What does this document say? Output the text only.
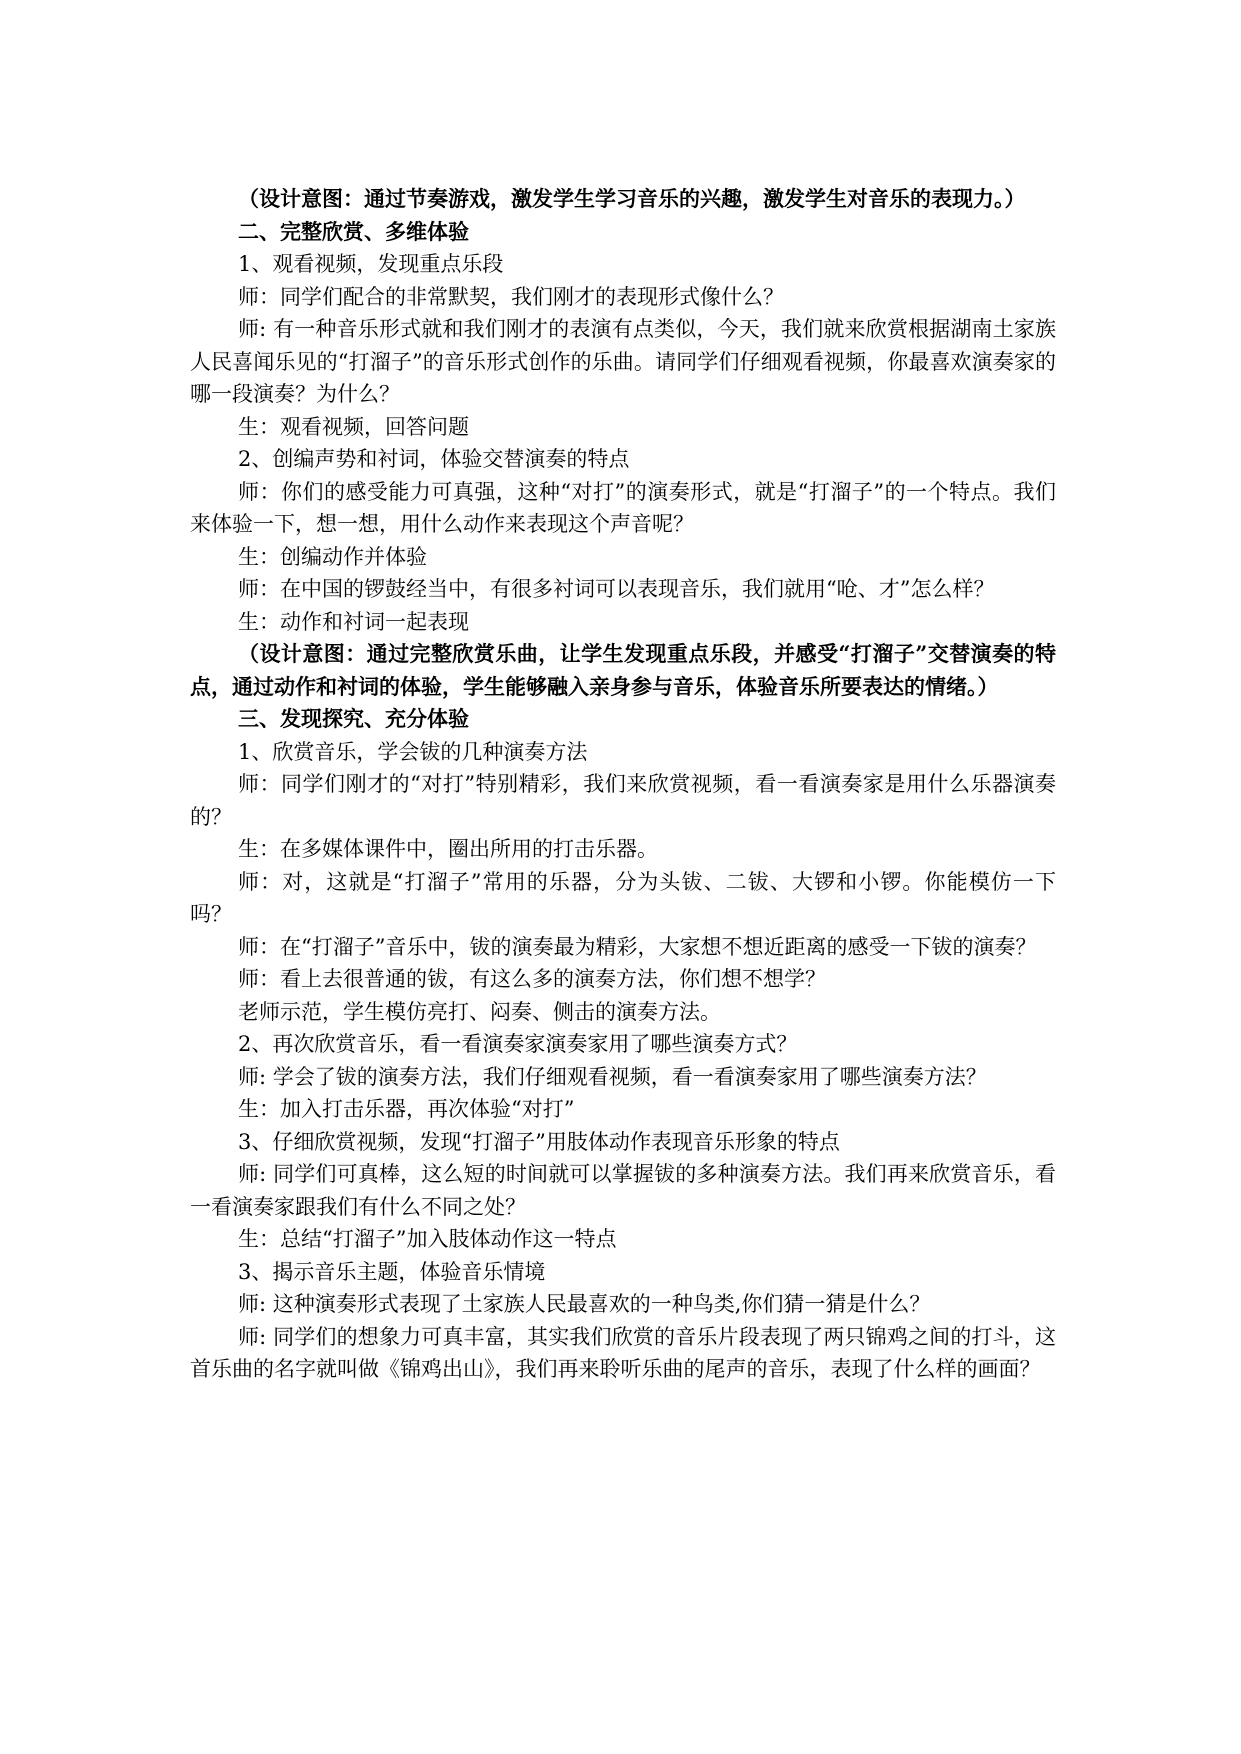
（设计意图：通过节奏游戏，激发学生学习音乐的兴趣，激发学生对音乐的表现力。）

二、完整欣赏、多维体验

1、观看视频，发现重点乐段

师：同学们配合的非常默契，我们刚才的表现形式像什么？

师: 有一种音乐形式就和我们刚才的表演有点类似，今天，我们就来欣赏根据湖南土家族人民喜闻乐见的“打溜子”的音乐形式创作的乐曲。请同学们仔细观看视频，你最喜欢演奏家的哪一段演奏？为什么？

生：观看视频，回答问题

2、创编声势和衬词，体验交替演奏的特点

师：你们的感受能力可真强，这种“对打”的演奏形式，就是“打溜子”的一个特点。我们来体验一下，想一想，用什么动作来表现这个声音呢？

生：创编动作并体验

师：在中国的锣鼓经当中，有很多衬词可以表现音乐，我们就用“呛、才”怎么样？

生：动作和衬词一起表现

（设计意图：通过完整欣赏乐曲，让学生发现重点乐段，并感受“打溜子”交替演奏的特点，通过动作和衬词的体验，学生能够融入亲身参与音乐，体验音乐所要表达的情绪。）

三、发现探究、充分体验

1、欣赏音乐，学会钹的几种演奏方法

师：同学们刚才的“对打”特别精彩，我们来欣赏视频，看一看演奏家是用什么乐器演奏的？

生：在多媒体课件中，圈出所用的打击乐器。

师：对，这就是“打溜子”常用的乐器，分为头钹、二钹、大锣和小锣。你能模仿一下吗？

师：在“打溜子”音乐中，钹的演奏最为精彩，大家想不想近距离的感受一下钹的演奏？

师：看上去很普通的钹，有这么多的演奏方法，你们想不想学？

老师示范，学生模仿亮打、闷奏、侧击的演奏方法。

2、再次欣赏音乐，看一看演奏家演奏家用了哪些演奏方式？

师: 学会了钹的演奏方法，我们仔细观看视频，看一看演奏家用了哪些演奏方法？

生：加入打击乐器，再次体验“对打”

3、仔细欣赏视频，发现“打溜子”用肢体动作表现音乐形象的特点

师: 同学们可真棒，这么短的时间就可以掌握钹的多种演奏方法。我们再来欣赏音乐，看一看演奏家跟我们有什么不同之处？

生：总结“打溜子”加入肢体动作这一特点

3、揭示音乐主题，体验音乐情境

师: 这种演奏形式表现了土家族人民最喜欢的一种鸟类,你们猜一猜是什么？

师: 同学们的想象力可真丰富，其实我们欣赏的音乐片段表现了两只锦鸡之间的打斗，这首乐曲的名字就叫做《锦鸡出山》，我们再来聆听乐曲的尾声的音乐，表现了什么样的画面？
